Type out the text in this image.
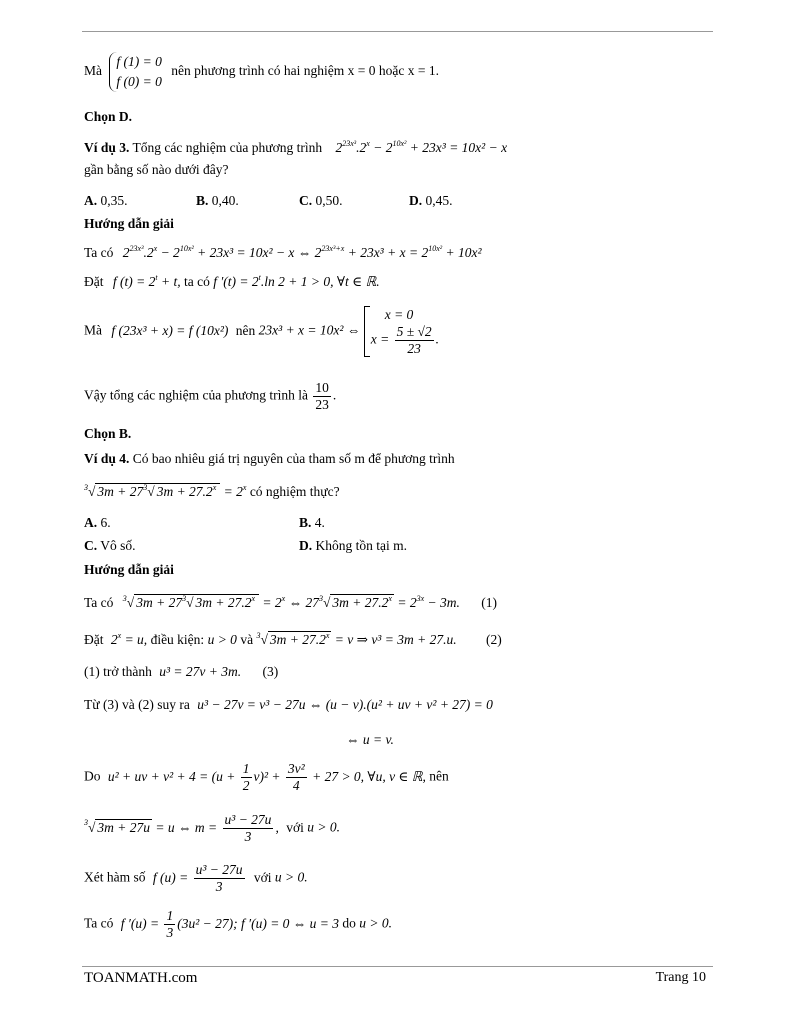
Mà f (1) = 0
f (0) = 0 nên phương trình có hai nghiệm x = 0 hoặc x = 1.
Chọn D.
Ví dụ 3. Tổng các nghiệm của phương trình $2^{23x^3}.2^x - 2^{10x^2} + 23x^3 = 10x^2 - x$
gần bằng số nào dưới đây?
A. 0,35.	B. 0,40.	C. 0,50.	D. 0,45.
Hướng dẫn giải
Ta có $2^{23x^3}.2^x - 2^{10x^2} + 23x^3 = 10x^2 - x$ ⇔ $2^{23x^3+x} + 23x^3 + x = 2^{10x^2} + 10x^2$
Đặt f $(t) = 2^t + t$, ta có f $'(t) = 2^t.\ln$ 2 + 1 > 0, ∀t ∈ ℝ.
Mà f (23x³ + x) = f (10x²) nên 23x³ + x = 10x² ⇔
x = 0
$x = \frac{5 \pm √2}{23}$ .
Vậy tổng các nghiệm của phương trình là $\frac{10}{23}$ .
Chọn B.
Ví dụ 4. Có bao nhiêu giá trị nguyên của tham số m để phương trình
$^3$√ $3m + 27^3√$ $3m + 27.2^x = 2^x$ có nghiệm thực?
A. 6.	B. 4.
C. Vô số.	D. Không tồn tại m.
Hướng dẫn giải
Ta có $^3$√ $3m + 27^3√$ $3m + 27.2^x = 2^x$ ⇔ $27^3√$ $3m + 27.2^x = 2^{3x} - 3m$. (1)
Đặt $2^x = u$, điều kiện: u > 0 và $^3$√ $3m + 27.2^x = v$ ⇒ v³ = 3m + 27.u. (2)
(1) trở thành u³ = 27v + 3m. (3)
Từ (3) và (2) suy ra u³ − 27v = v³ − 27u ⇔ (u − v).(u² + uv + v² + 27) = 0
⇔ u = v.
Do u² + uv + $v^2 + 4 = (u + \frac{1}{2} v)^2 + \frac{\text{3v²}}{4} + 27 > 0$, ∀u, v ∈ ℝ, nên
$^3$√ 3m + 27u = u ⇔ $m = \frac{\text{u³ − 27u}}{3}$ , với u > 0.
Xét hàm số f $(u) = \frac{\text{u³ − 27u}}{3}$ với u > 0.
Ta có f $'(u) = \frac{1}{3} (3u^2 - 27)$; f ′(u) = 0 ⇔ u = 3 do u > 0.
TOANMATH.com	Trang 10
